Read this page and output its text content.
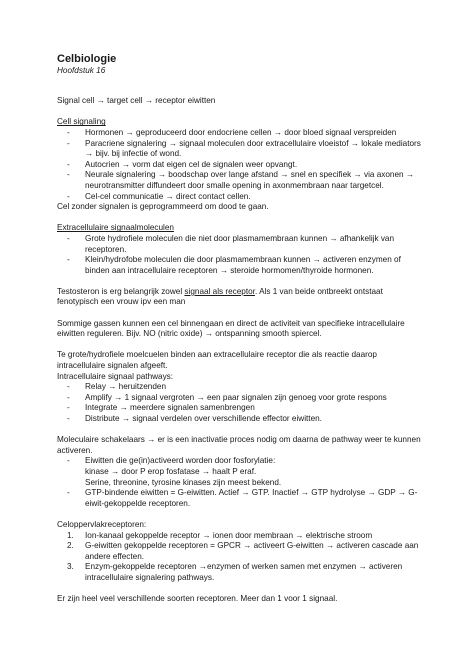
Celbiologie
Hoofdstuk 16

Signal cell → target cell → receptor eiwitten

Cell signaling

- Hormonen → geproduceerd door endocriene cellen → door bloed signaal verspreiden
- Paracriene signalering → signaal moleculen door extracellulaire vloeistof → lokale mediators → bijv. bij infectie of wond.
- Autocrien → vorm dat eigen cel de signalen weer opvangt.
- Neurale signalering → boodschap over lange afstand → snel en specifiek → via axonen → neurotransmitter diffundeert door smalle opening in axonmembraan naar targetcel.
- Cel-cel communicatie → direct contact cellen.

Cel zonder signalen is geprogrammeerd om dood te gaan.

Extracellulaire signaalmoleculen

- Grote hydrofiele moleculen die niet door plasmamembraan kunnen → afhankelijk van receptoren.
- Klein/hydrofobe moleculen die door plasmamembraan kunnen → activeren enzymen of binden aan intracellulaire receptoren → steroide hormomen/thyroide hormonen.

Testosteron is erg belangrijk zowel signaal als receptor. Als 1 van beide ontbreekt ontstaat fenotypisch een vrouw ipv een man

Sommige gassen kunnen een cel binnengaan en direct de activiteit van specifieke intracellulaire eiwitten reguleren. Bijv. NO (nitric oxide) → ontspanning smooth spiercel.

Te grote/hydrofiele moelcuelen binden aan extracellulaire receptor die als reactie daarop intracellulaire signalen afgeeft.

Intracellulaire signaal pathways:

- Relay → heruitzenden
- Amplify → 1 signaal vergroten → een paar signalen zijn genoeg voor grote respons
- Integrate → meerdere signalen samenbrengen
- Distribute → signaal verdelen over verschillende effector eiwitten.

Moleculaire schakelaars → er is een inactivatie proces nodig om daarna de pathway weer te kunnen activeren.

- Eiwitten die ge(in)activeerd worden door fosforylatie:
kinase → door P erop fosfatase → haalt P eraf.
Serine, threonine, tyrosine kinases zijn meest bekend.
- GTP-bindende eiwitten = G-eiwitten. Actief → GTP. Inactief → GTP hydrolyse → GDP → G-eiwit-gekoppelde receptoren.

Celoppervlakreceptoren:

1. Ion-kanaal gekoppelde receptor → ionen door membraan → elektrische stroom
2. G-eiwitten gekoppelde receptoren = GPCR → activeert G-eiwitten → activeren cascade aan andere effecten.
3. Enzym-gekoppelde receptoren →enzymen of werken samen met enzymen → activeren intracellulaire signalering pathways.

Er zijn heel veel verschillende soorten receptoren. Meer dan 1 voor 1 signaal.
